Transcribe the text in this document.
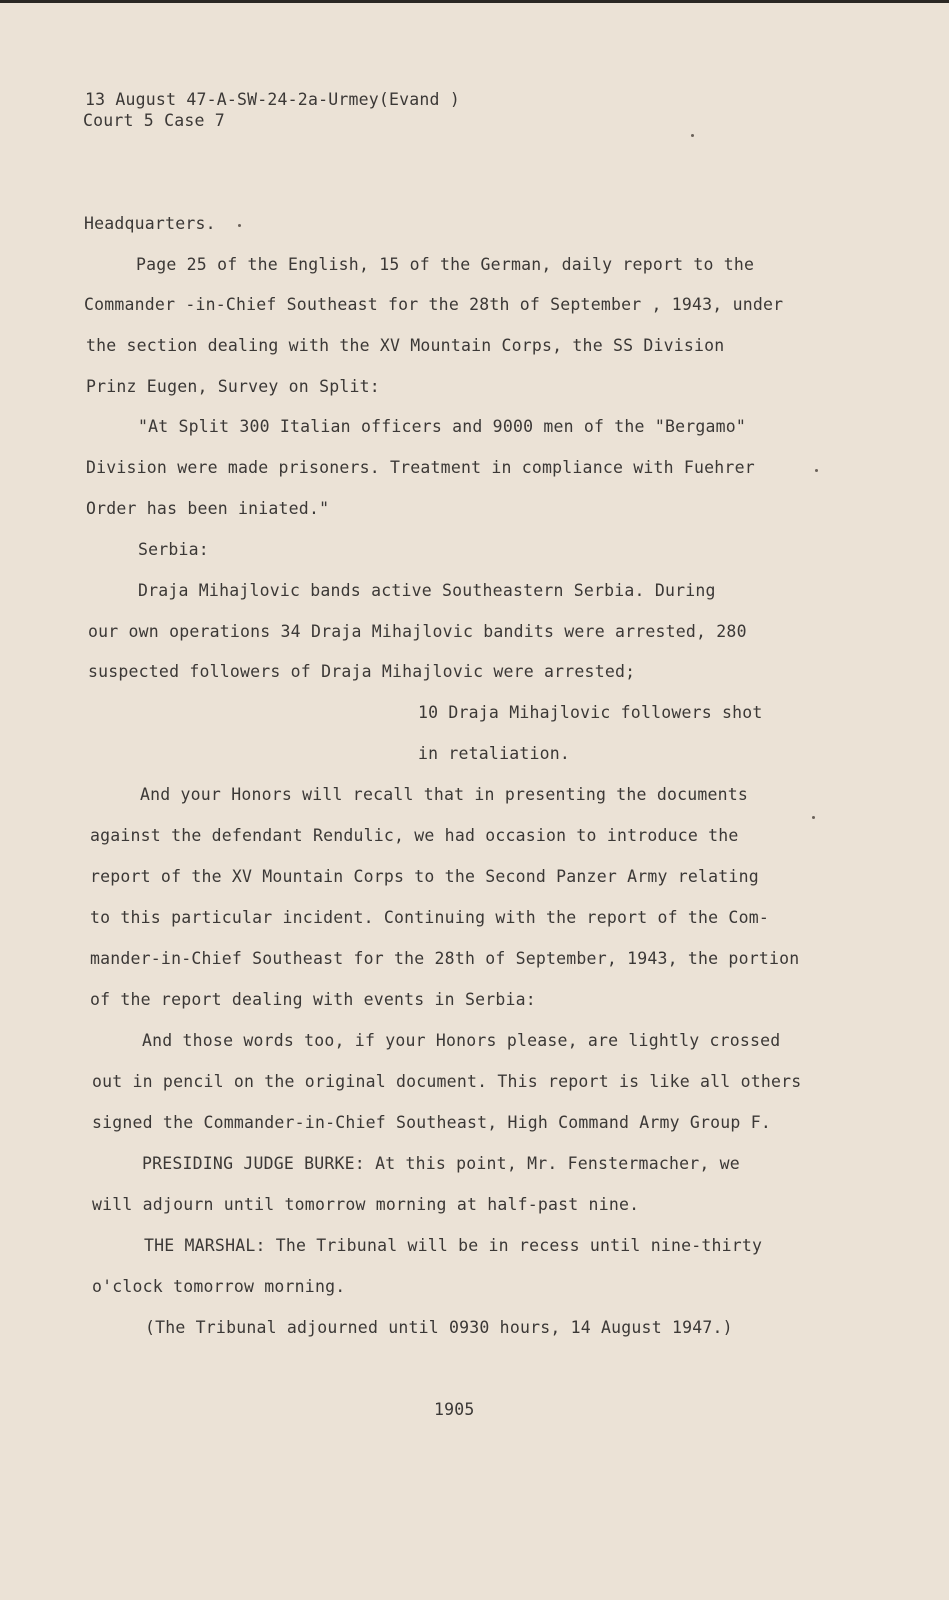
13 August 47-A-SW-24-2a-Urmey(Evand )
Court 5 Case 7
Headquarters.
Page 25 of the English, 15 of the German, daily report to the
Commander -in-Chief Southeast for the 28th of September , 1943, under
the section dealing with the XV Mountain Corps, the SS Division
Prinz Eugen, Survey on Split:
"At Split 300 Italian officers and 9000 men of the "Bergamo"
Division were made prisoners. Treatment in compliance with Fuehrer
Order has been iniated."
Serbia:
Draja Mihajlovic bands active Southeastern Serbia. During
our own operations 34 Draja Mihajlovic bandits were arrested, 280
suspected followers of Draja Mihajlovic were arrested;
10 Draja Mihajlovic followers shot
in retaliation.
And your Honors will recall that in presenting the documents
against the defendant Rendulic, we had occasion to introduce the
report of the XV Mountain Corps to the Second Panzer Army relating
to this particular incident. Continuing with the report of the Com-
mander-in-Chief Southeast for the 28th of September, 1943, the portion
of the report dealing with events in Serbia:
And those words too, if your Honors please, are lightly crossed
out in pencil on the original document. This report is like all others
signed the Commander-in-Chief Southeast, High Command Army Group F.
PRESIDING JUDGE BURKE: At this point, Mr. Fenstermacher, we
will adjourn until tomorrow morning at half-past nine.
THE MARSHAL: The Tribunal will be in recess until nine-thirty
o'clock tomorrow morning.
(The Tribunal adjourned until 0930 hours, 14 August 1947.)
1905
